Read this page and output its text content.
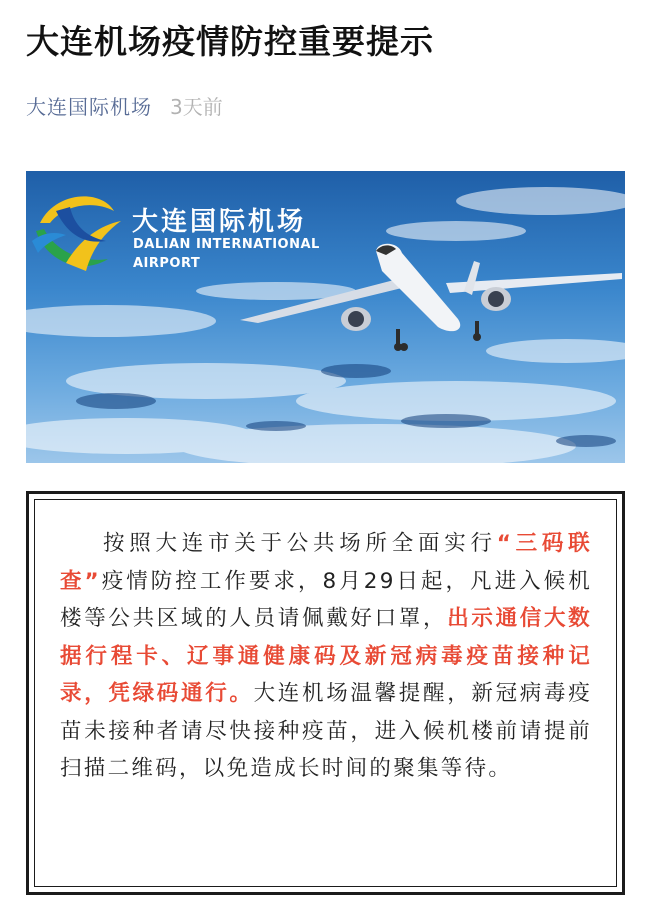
大连机场疫情防控重要提示
大连国际机场 3天前
大连国际机场
DALIAN INTERNATIONAL
AIRPORT
按照大连市关于公共场所全面实行“三码联查”疫情防控工作要求，8月29日起，凡进入候机楼等公共区域的人员请佩戴好口罩，出示通信大数据行程卡、辽事通健康码及新冠病毒疫苗接种记录，凭绿码通行。大连机场温馨提醒，新冠病毒疫苗未接种者请尽快接种疫苗，进入候机楼前请提前扫描二维码，以免造成长时间的聚集等待。
